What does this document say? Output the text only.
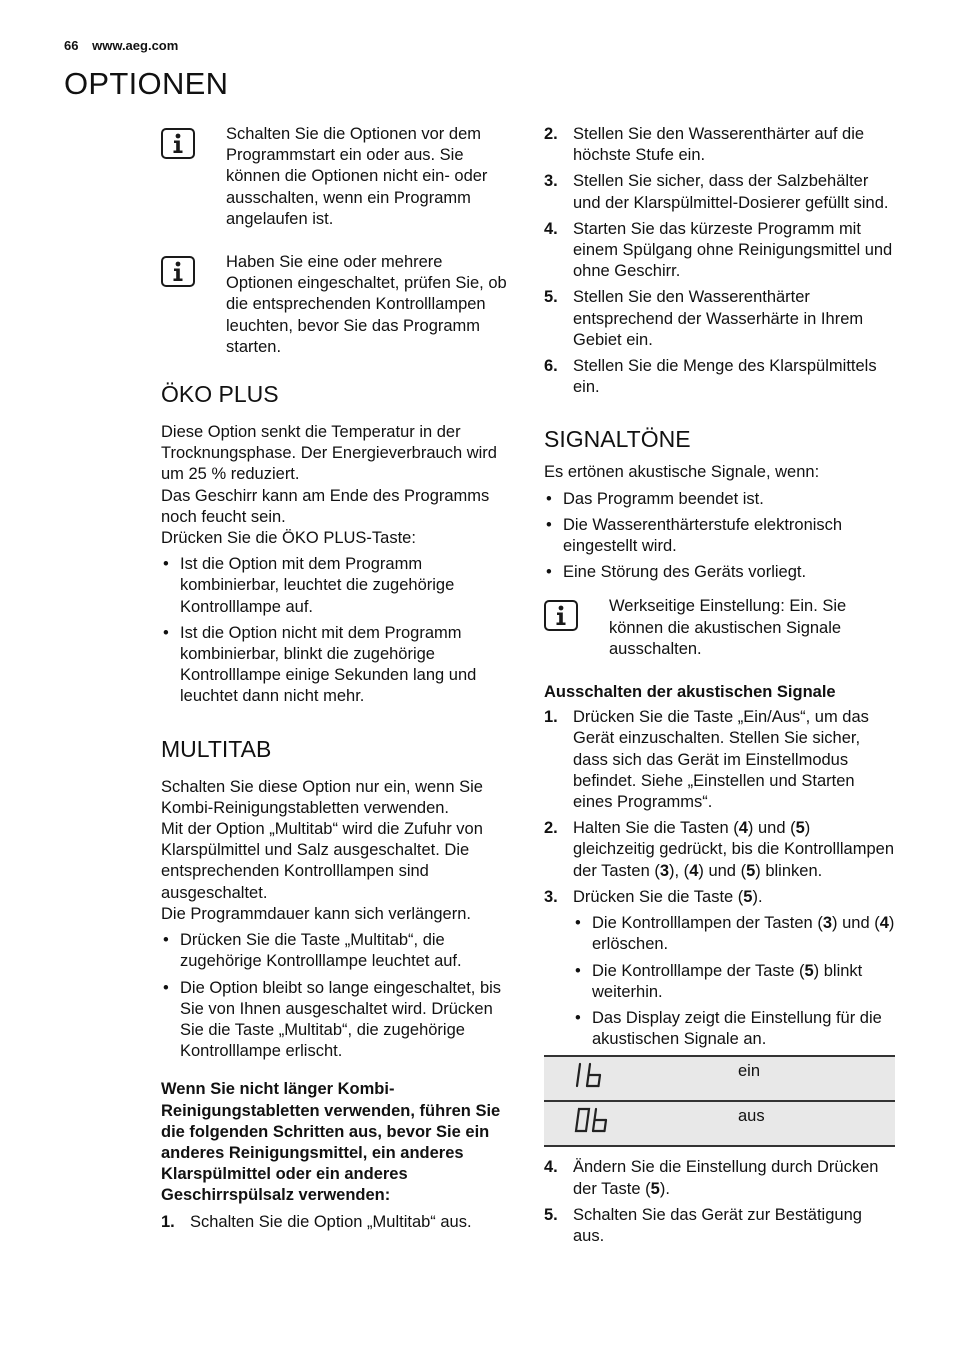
66 www.aeg.com
OPTIONEN

Schalten Sie die Optionen vor dem Programmstart ein oder aus. Sie können die Optionen nicht ein- oder ausschalten, wenn ein Programm angelaufen ist.

Haben Sie eine oder mehrere Optionen eingeschaltet, prüfen Sie, ob die entsprechenden Kontrolllampen leuchten, bevor Sie das Programm starten.

ÖKO PLUS

Diese Option senkt die Temperatur in der Trocknungsphase. Der Energieverbrauch wird um 25 % reduziert.

Das Geschirr kann am Ende des Programms noch feucht sein.

Drücken Sie die ÖKO PLUS-Taste:

• Ist die Option mit dem Programm kombinierbar, leuchtet die zugehörige Kontrolllampe auf.
• Ist die Option nicht mit dem Programm kombinierbar, blinkt die zugehörige Kontrolllampe einige Sekunden lang und leuchtet dann nicht mehr.
MULTITAB

Schalten Sie diese Option nur ein, wenn Sie Kombi-Reinigungstabletten verwenden.

Mit der Option „Multitab“ wird die Zufuhr von Klarspülmittel und Salz ausgeschaltet. Die entsprechenden Kontrolllampen sind ausgeschaltet.

Die Programmdauer kann sich verlängern.

• Drücken Sie die Taste „Multitab“, die zugehörige Kontrolllampe leuchtet auf.
• Die Option bleibt so lange eingeschaltet, bis Sie von Ihnen ausgeschaltet wird. Drücken Sie die Taste „Multitab“, die zugehörige Kontrolllampe erlischt.

Wenn Sie nicht länger Kombi-Reinigungstabletten verwenden, führen Sie die folgenden Schritten aus, bevor Sie ein anderes Reinigungsmittel, ein anderes Klarspülmittel oder ein anderes Geschirrspülsalz verwenden:

1. Schalten Sie die Option „Multitab“ aus.
2. Stellen Sie den Wasserenthärter auf die höchste Stufe ein.
3. Stellen Sie sicher, dass der Salzbehälter und der Klarspülmittel-Dosierer gefüllt sind.
4. Starten Sie das kürzeste Programm mit einem Spülgang ohne Reinigungsmittel und ohne Geschirr.
5. Stellen Sie den Wasserenthärter entsprechend der Wasserhärte in Ihrem Gebiet ein.
6. Stellen Sie die Menge des Klarspülmittels ein.
SIGNALTÖNE

Es ertönen akustische Signale, wenn:

• Das Programm beendet ist.
• Die Wasserenthärterstufe elektronisch eingestellt wird.
• Eine Störung des Geräts vorliegt.

Werkseitige Einstellung: Ein. Sie können die akustischen Signale ausschalten.

Ausschalten der akustischen Signale

1. Drücken Sie die Taste „Ein/Aus“, um das Gerät einzuschalten. Stellen Sie sicher, dass sich das Gerät im Einstellmodus befindet. Siehe „Einstellen und Starten eines Programms“.
2. Halten Sie die Tasten (4) und (5) gleichzeitig gedrückt, bis die Kontrolllampen der Tasten (3), (4) und (5) blinken.
3. Drücken Sie die Taste (5).
• Die Kontrolllampen der Tasten (3) und (4) erlöschen.
• Die Kontrolllampe der Taste (5) blinkt weiterhin.
• Das Display zeigt die Einstellung für die akustischen Signale an.
	ein
	aus
4. Ändern Sie die Einstellung durch Drücken der Taste (5).
5. Schalten Sie das Gerät zur Bestätigung aus.
